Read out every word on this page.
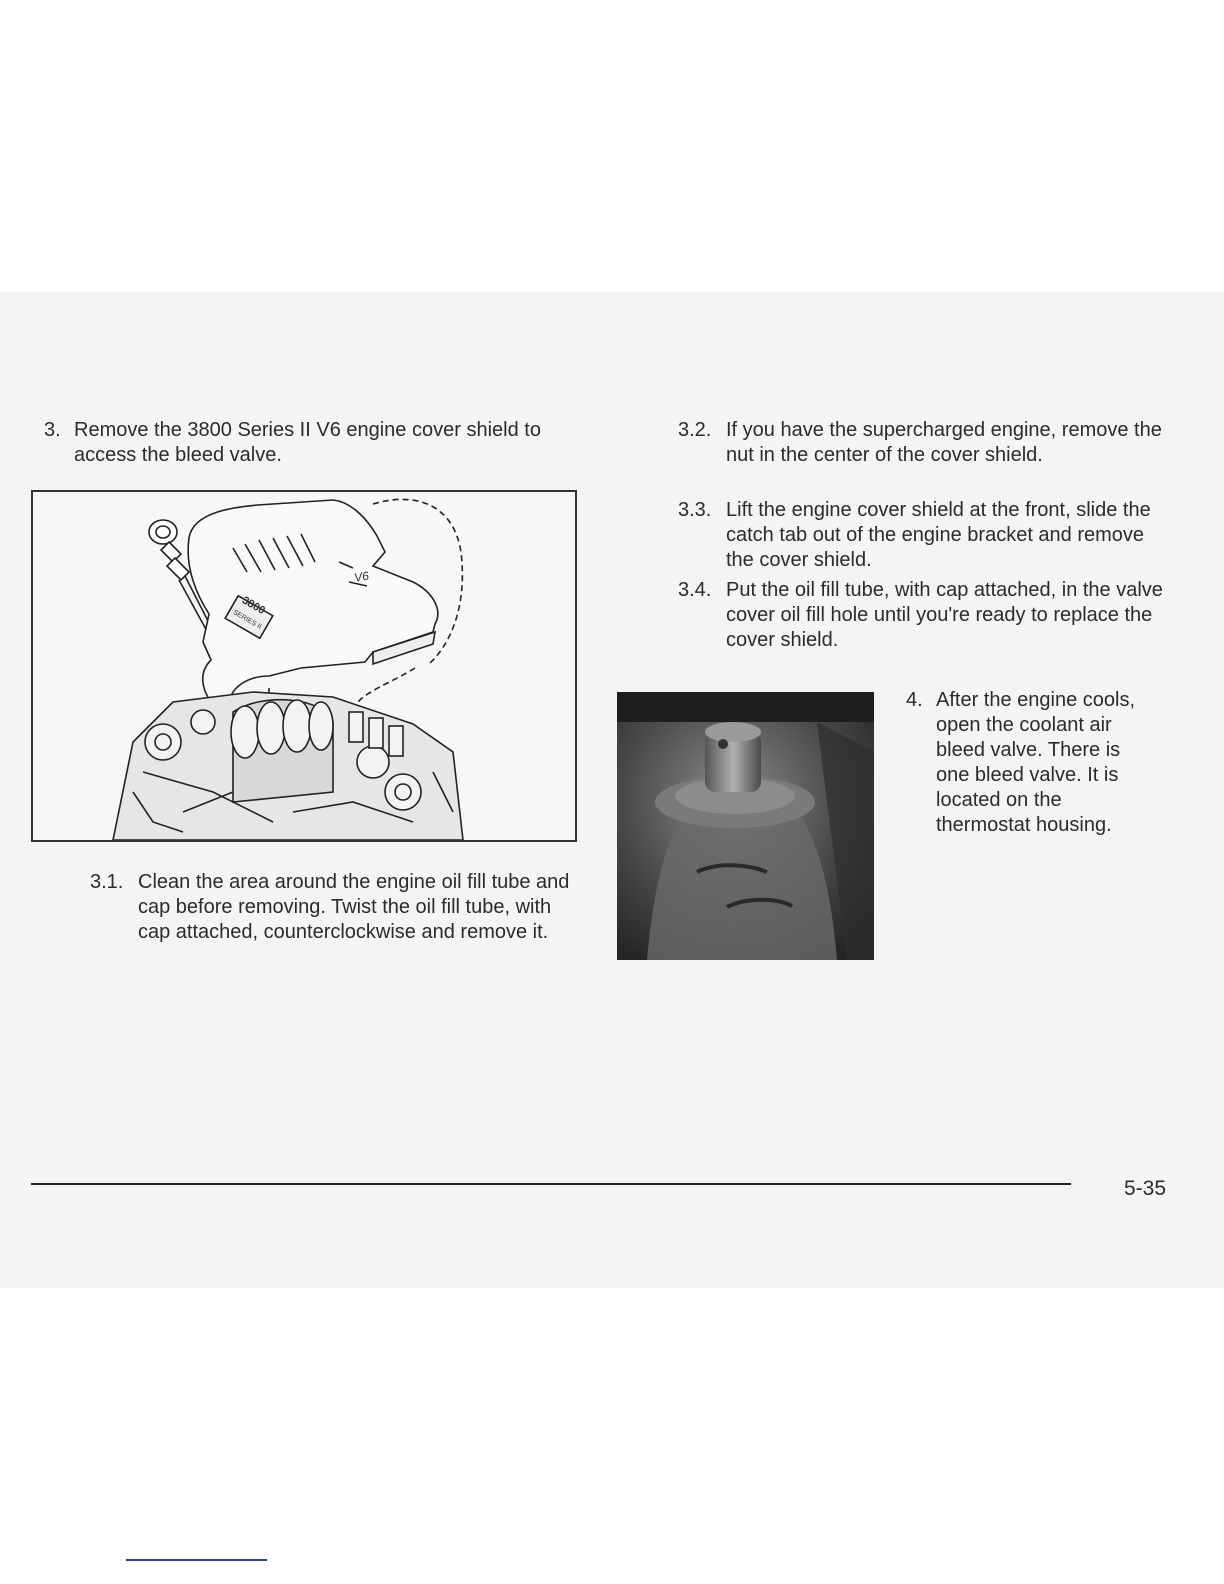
3. Remove the 3800 Series II V6 engine cover shield to access the bleed valve.
3800
SERIES II
V6
3.1. Clean the area around the engine oil fill tube and cap before removing. Twist the oil fill tube, with cap attached, counterclockwise and remove it.
3.2. If you have the supercharged engine, remove the nut in the center of the cover shield.
3.3. Lift the engine cover shield at the front, slide the catch tab out of the engine bracket and remove the cover shield.
3.4. Put the oil fill tube, with cap attached, in the valve cover oil fill hole until you're ready to replace the cover shield.
4. After the engine cools, open the coolant air bleed valve. There is one bleed valve. It is located on the thermostat housing.
5-35
